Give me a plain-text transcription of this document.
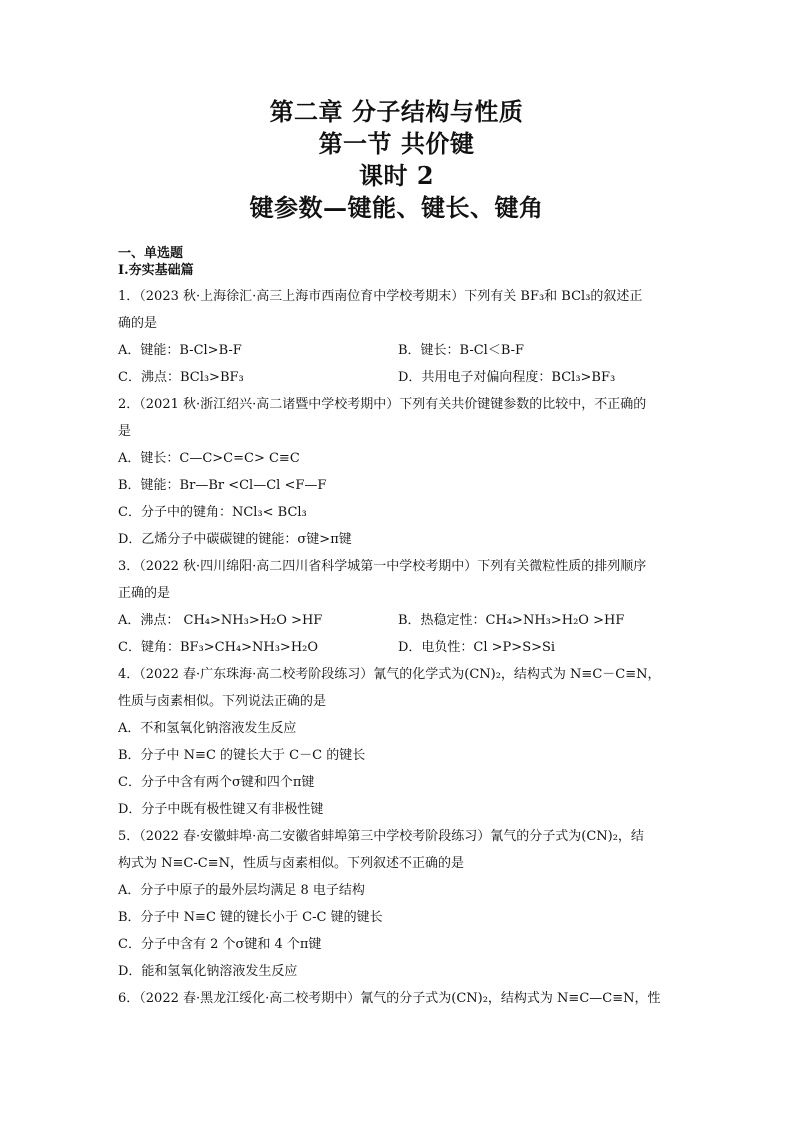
第二章 分子结构与性质
第一节 共价键
课时 2
键参数—键能、键长、键角
一、单选题
Ⅰ.夯实基础篇
1．（2023 秋·上海徐汇·高三上海市西南位育中学校考期末）下列有关 BF₃和 BCl₃的叙述正
确的是
A．键能：B-Cl>B-F	B．键长：B-Cl＜B-F
C．沸点：BCl₃>BF₃	D．共用电子对偏向程度：BCl₃>BF₃
2．（2021 秋·浙江绍兴·高二诸暨中学校考期中）下列有关共价键键参数的比较中，不正确的
是
A．键长：C—C>C=C> C≡C
B．键能：Br—Br <Cl—Cl <F—F
C．分子中的键角：NCl₃< BCl₃
D．乙烯分子中碳碳键的键能：σ键>π键
3．（2022 秋·四川绵阳·高二四川省科学城第一中学校考期中）下列有关微粒性质的排列顺序
正确的是
A．沸点： CH₄>NH₃>H₂O >HF	B．热稳定性：CH₄>NH₃>H₂O >HF
C．键角：BF₃>CH₄>NH₃>H₂O	D．电负性：Cl >P>S>Si
4．（2022 春·广东珠海·高二校考阶段练习）氰气的化学式为(CN)₂，结构式为 N≡C－C≡N，
性质与卤素相似。下列说法正确的是
A．不和氢氧化钠溶液发生反应
B．分子中 N≡C 的键长大于 C－C 的键长
C．分子中含有两个σ键和四个π键
D．分子中既有极性键又有非极性键
5．（2022 春·安徽蚌埠·高二安徽省蚌埠第三中学校考阶段练习）氰气的分子式为(CN)₂，结
构式为 N≡C-C≡N，性质与卤素相似。下列叙述不正确的是
A．分子中原子的最外层均满足 8 电子结构
B．分子中 N≡C 键的键长小于 C-C 键的键长
C．分子中含有 2 个σ键和 4 个π键
D．能和氢氧化钠溶液发生反应
6．（2022 春·黑龙江绥化·高二校考期中）氰气的分子式为(CN)₂，结构式为 N≡C—C≡N，性
